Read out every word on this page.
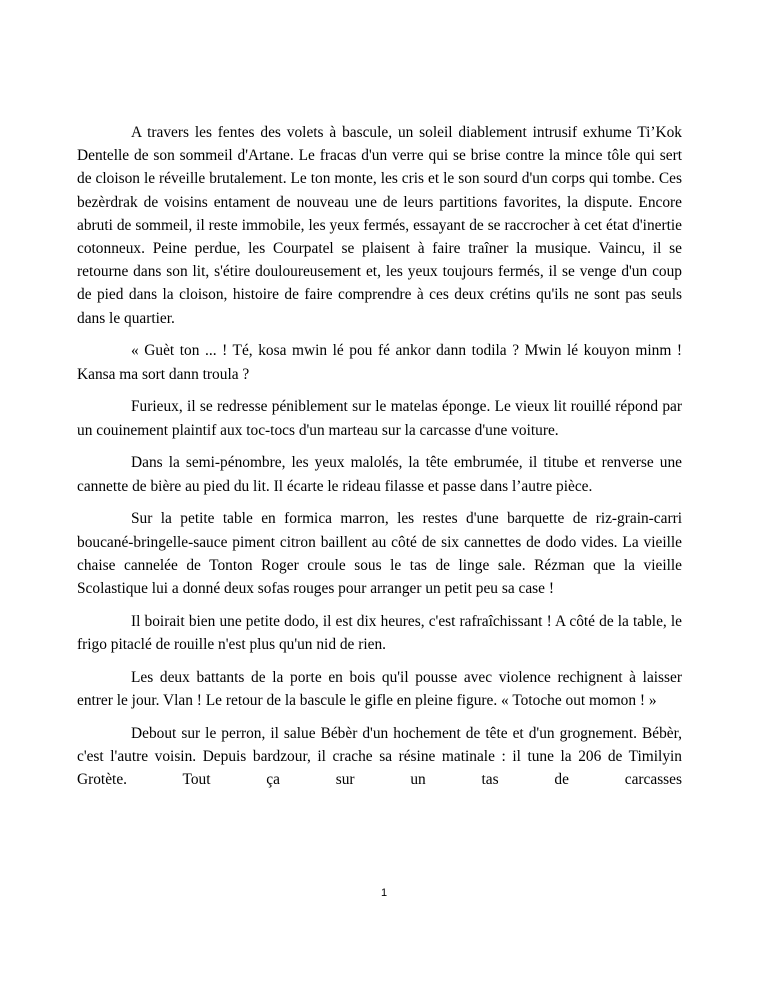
A travers les fentes des volets à bascule, un soleil diablement intrusif exhume Ti’Kok Dentelle de son sommeil d'Artane. Le fracas d'un verre qui se brise contre la mince tôle qui sert de cloison le réveille brutalement. Le ton monte, les cris et le son sourd d'un corps qui tombe. Ces bezèrdrak de voisins entament de nouveau une de leurs partitions favorites, la dispute. Encore abruti de sommeil, il reste immobile, les yeux fermés, essayant de se raccrocher à cet état d'inertie cotonneux. Peine perdue, les Courpatel se plaisent à faire traîner la musique. Vaincu, il se retourne dans son lit, s'étire douloureusement et, les yeux toujours fermés, il se venge d'un coup de pied dans la cloison, histoire de faire comprendre à ces deux crétins qu'ils ne sont pas seuls dans le quartier.

« Guèt ton ... ! Té, kosa mwin lé pou fé ankor dann todila ? Mwin lé kouyon minm ! Kansa ma sort dann troula ?

Furieux, il se redresse péniblement sur le matelas éponge. Le vieux lit rouillé répond par un couinement plaintif aux toc-tocs d'un marteau sur la carcasse d'une voiture.

Dans la semi-pénombre, les yeux malolés, la tête embrumée, il titube et renverse une cannette de bière au pied du lit. Il écarte le rideau filasse et passe dans l’autre pièce.

Sur la petite table en formica marron, les restes d'une barquette de riz-grain-carri boucané-bringelle-sauce piment citron baillent au côté de six cannettes de dodo vides. La vieille chaise cannelée de Tonton Roger croule sous le tas de linge sale. Rézman que la vieille Scolastique lui a donné deux sofas rouges pour arranger un petit peu sa case !

Il boirait bien une petite dodo, il est dix heures, c'est rafraîchissant ! A côté de la table, le frigo pitaclé de rouille n'est plus qu'un nid de rien.

Les deux battants de la porte en bois qu'il pousse avec violence rechignent à laisser entrer le jour. Vlan ! Le retour de la bascule le gifle en pleine figure. « Totoche out momon ! »

Debout sur le perron, il salue Bébèr d'un hochement de tête et d'un grognement. Bébèr, c'est l'autre voisin. Depuis bardzour, il crache sa résine matinale : il tune la 206 de Timilyin Grotète. Tout ça sur un tas de carcasses

1
